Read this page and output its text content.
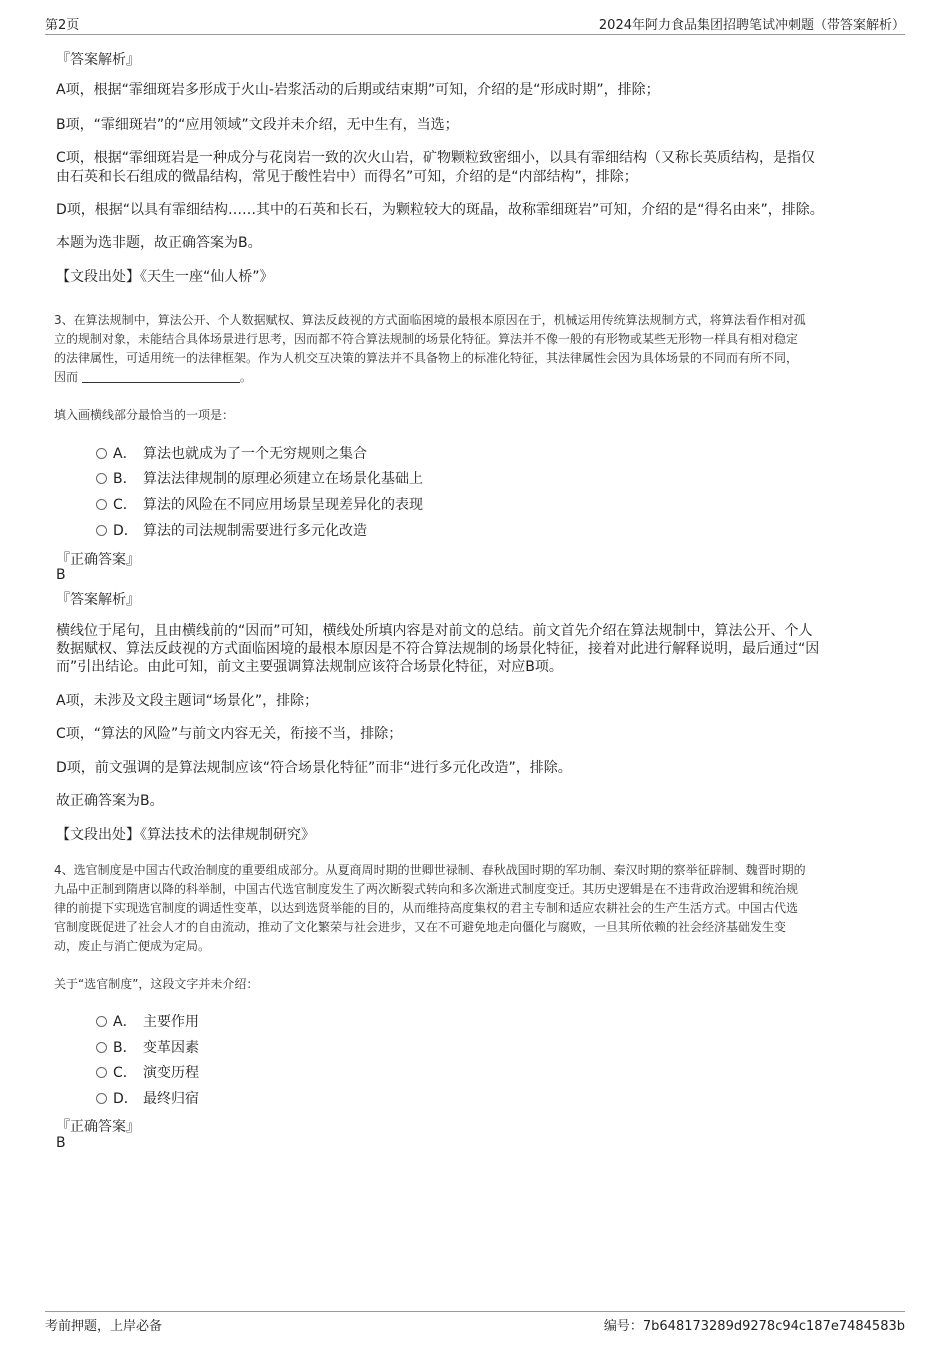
第2页	2024年阿力食品集团招聘笔试冲刺题（带答案解析）
『答案解析』
A项，根据“霏细斑岩多形成于火山-岩浆活动的后期或结束期”可知，介绍的是“形成时期”，排除；
B项，“霏细斑岩”的“应用领域”文段并未介绍，无中生有，当选；
C项，根据“霏细斑岩是一种成分与花岗岩一致的次火山岩，矿物颗粒致密细小，以具有霏细结构（又称长英质结构，是指仅
由石英和长石组成的微晶结构，常见于酸性岩中）而得名”可知，介绍的是“内部结构”，排除；
D项，根据“以具有霏细结构……其中的石英和长石，为颗粒较大的斑晶，故称霏细斑岩”可知，介绍的是“得名由来”，排除。
本题为选非题，故正确答案为B。
【文段出处】《天生一座“仙人桥”》
3、在算法规制中，算法公开、个人数据赋权、算法反歧视的方式面临困境的最根本原因在于，机械运用传统算法规制方式，将算法看作相对孤
立的规制对象，未能结合具体场景进行思考，因而都不符合算法规制的场景化特征。算法并不像一般的有形物或某些无形物一样具有相对稳定
的法律属性，可适用统一的法律框架。作为人机交互决策的算法并不具备物上的标准化特征，其法律属性会因为具体场景的不同而有所不同，
因而	。
填入画横线部分最恰当的一项是：
A． 算法也就成为了一个无穷规则之集合
B． 算法法律规制的原理必须建立在场景化基础上
C． 算法的风险在不同应用场景呈现差异化的表现
D． 算法的司法规制需要进行多元化改造
『正确答案』
B
『答案解析』
横线位于尾句，且由横线前的“因而”可知，横线处所填内容是对前文的总结。前文首先介绍在算法规制中，算法公开、个人
数据赋权、算法反歧视的方式面临困境的最根本原因是不符合算法规制的场景化特征，接着对此进行解释说明，最后通过“因
而”引出结论。由此可知，前文主要强调算法规制应该符合场景化特征，对应B项。
A项，未涉及文段主题词“场景化”，排除；
C项，“算法的风险”与前文内容无关，衔接不当，排除；
D项，前文强调的是算法规制应该“符合场景化特征”而非“进行多元化改造”，排除。
故正确答案为B。
【文段出处】《算法技术的法律规制研究》
4、选官制度是中国古代政治制度的重要组成部分。从夏商周时期的世卿世禄制、春秋战国时期的军功制、秦汉时期的察举征辟制、魏晋时期的
九品中正制到隋唐以降的科举制，中国古代选官制度发生了两次断裂式转向和多次渐进式制度变迁。其历史逻辑是在不违背政治逻辑和统治规
律的前提下实现选官制度的调适性变革，以达到选贤举能的目的，从而维持高度集权的君主专制和适应农耕社会的生产生活方式。中国古代选
官制度既促进了社会人才的自由流动，推动了文化繁荣与社会进步，又在不可避免地走向僵化与腐败，一旦其所依赖的社会经济基础发生变
动，废止与消亡便成为定局。
关于“选官制度”，这段文字并未介绍：
A． 主要作用
B． 变革因素
C． 演变历程
D． 最终归宿
『正确答案』
B
考前押题，上岸必备	编号：7b648173289d9278c94c187e7484583b
